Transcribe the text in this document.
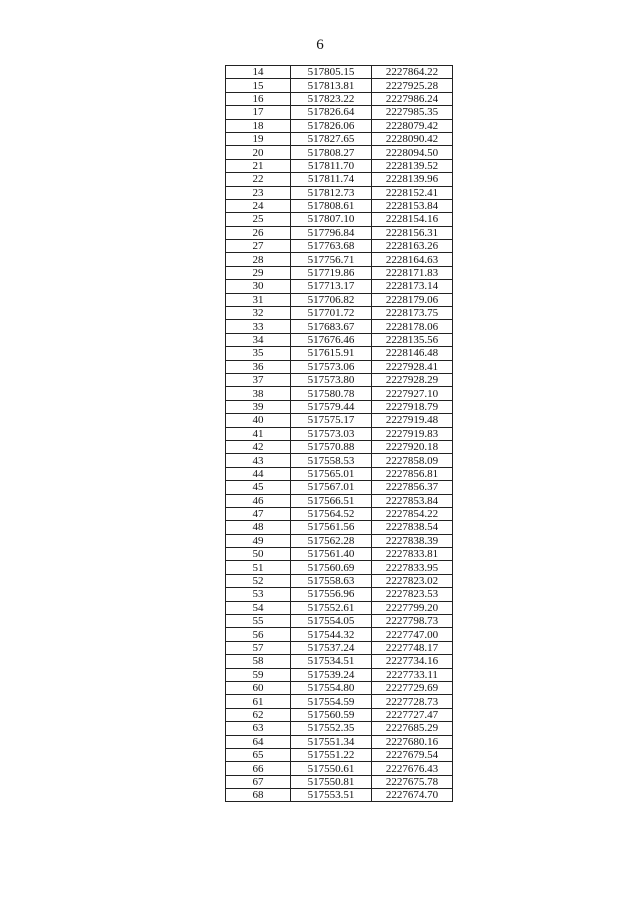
6
14	517805.15	2227864.22
15	517813.81	2227925.28
16	517823.22	2227986.24
17	517826.64	2227985.35
18	517826.06	2228079.42
19	517827.65	2228090.42
20	517808.27	2228094.50
21	517811.70	2228139.52
22	517811.74	2228139.96
23	517812.73	2228152.41
24	517808.61	2228153.84
25	517807.10	2228154.16
26	517796.84	2228156.31
27	517763.68	2228163.26
28	517756.71	2228164.63
29	517719.86	2228171.83
30	517713.17	2228173.14
31	517706.82	2228179.06
32	517701.72	2228173.75
33	517683.67	2228178.06
34	517676.46	2228135.56
35	517615.91	2228146.48
36	517573.06	2227928.41
37	517573.80	2227928.29
38	517580.78	2227927.10
39	517579.44	2227918.79
40	517575.17	2227919.48
41	517573.03	2227919.83
42	517570.88	2227920.18
43	517558.53	2227858.09
44	517565.01	2227856.81
45	517567.01	2227856.37
46	517566.51	2227853.84
47	517564.52	2227854.22
48	517561.56	2227838.54
49	517562.28	2227838.39
50	517561.40	2227833.81
51	517560.69	2227833.95
52	517558.63	2227823.02
53	517556.96	2227823.53
54	517552.61	2227799.20
55	517554.05	2227798.73
56	517544.32	2227747.00
57	517537.24	2227748.17
58	517534.51	2227734.16
59	517539.24	2227733.11
60	517554.80	2227729.69
61	517554.59	2227728.73
62	517560.59	2227727.47
63	517552.35	2227685.29
64	517551.34	2227680.16
65	517551.22	2227679.54
66	517550.61	2227676.43
67	517550.81	2227675.78
68	517553.51	2227674.70
